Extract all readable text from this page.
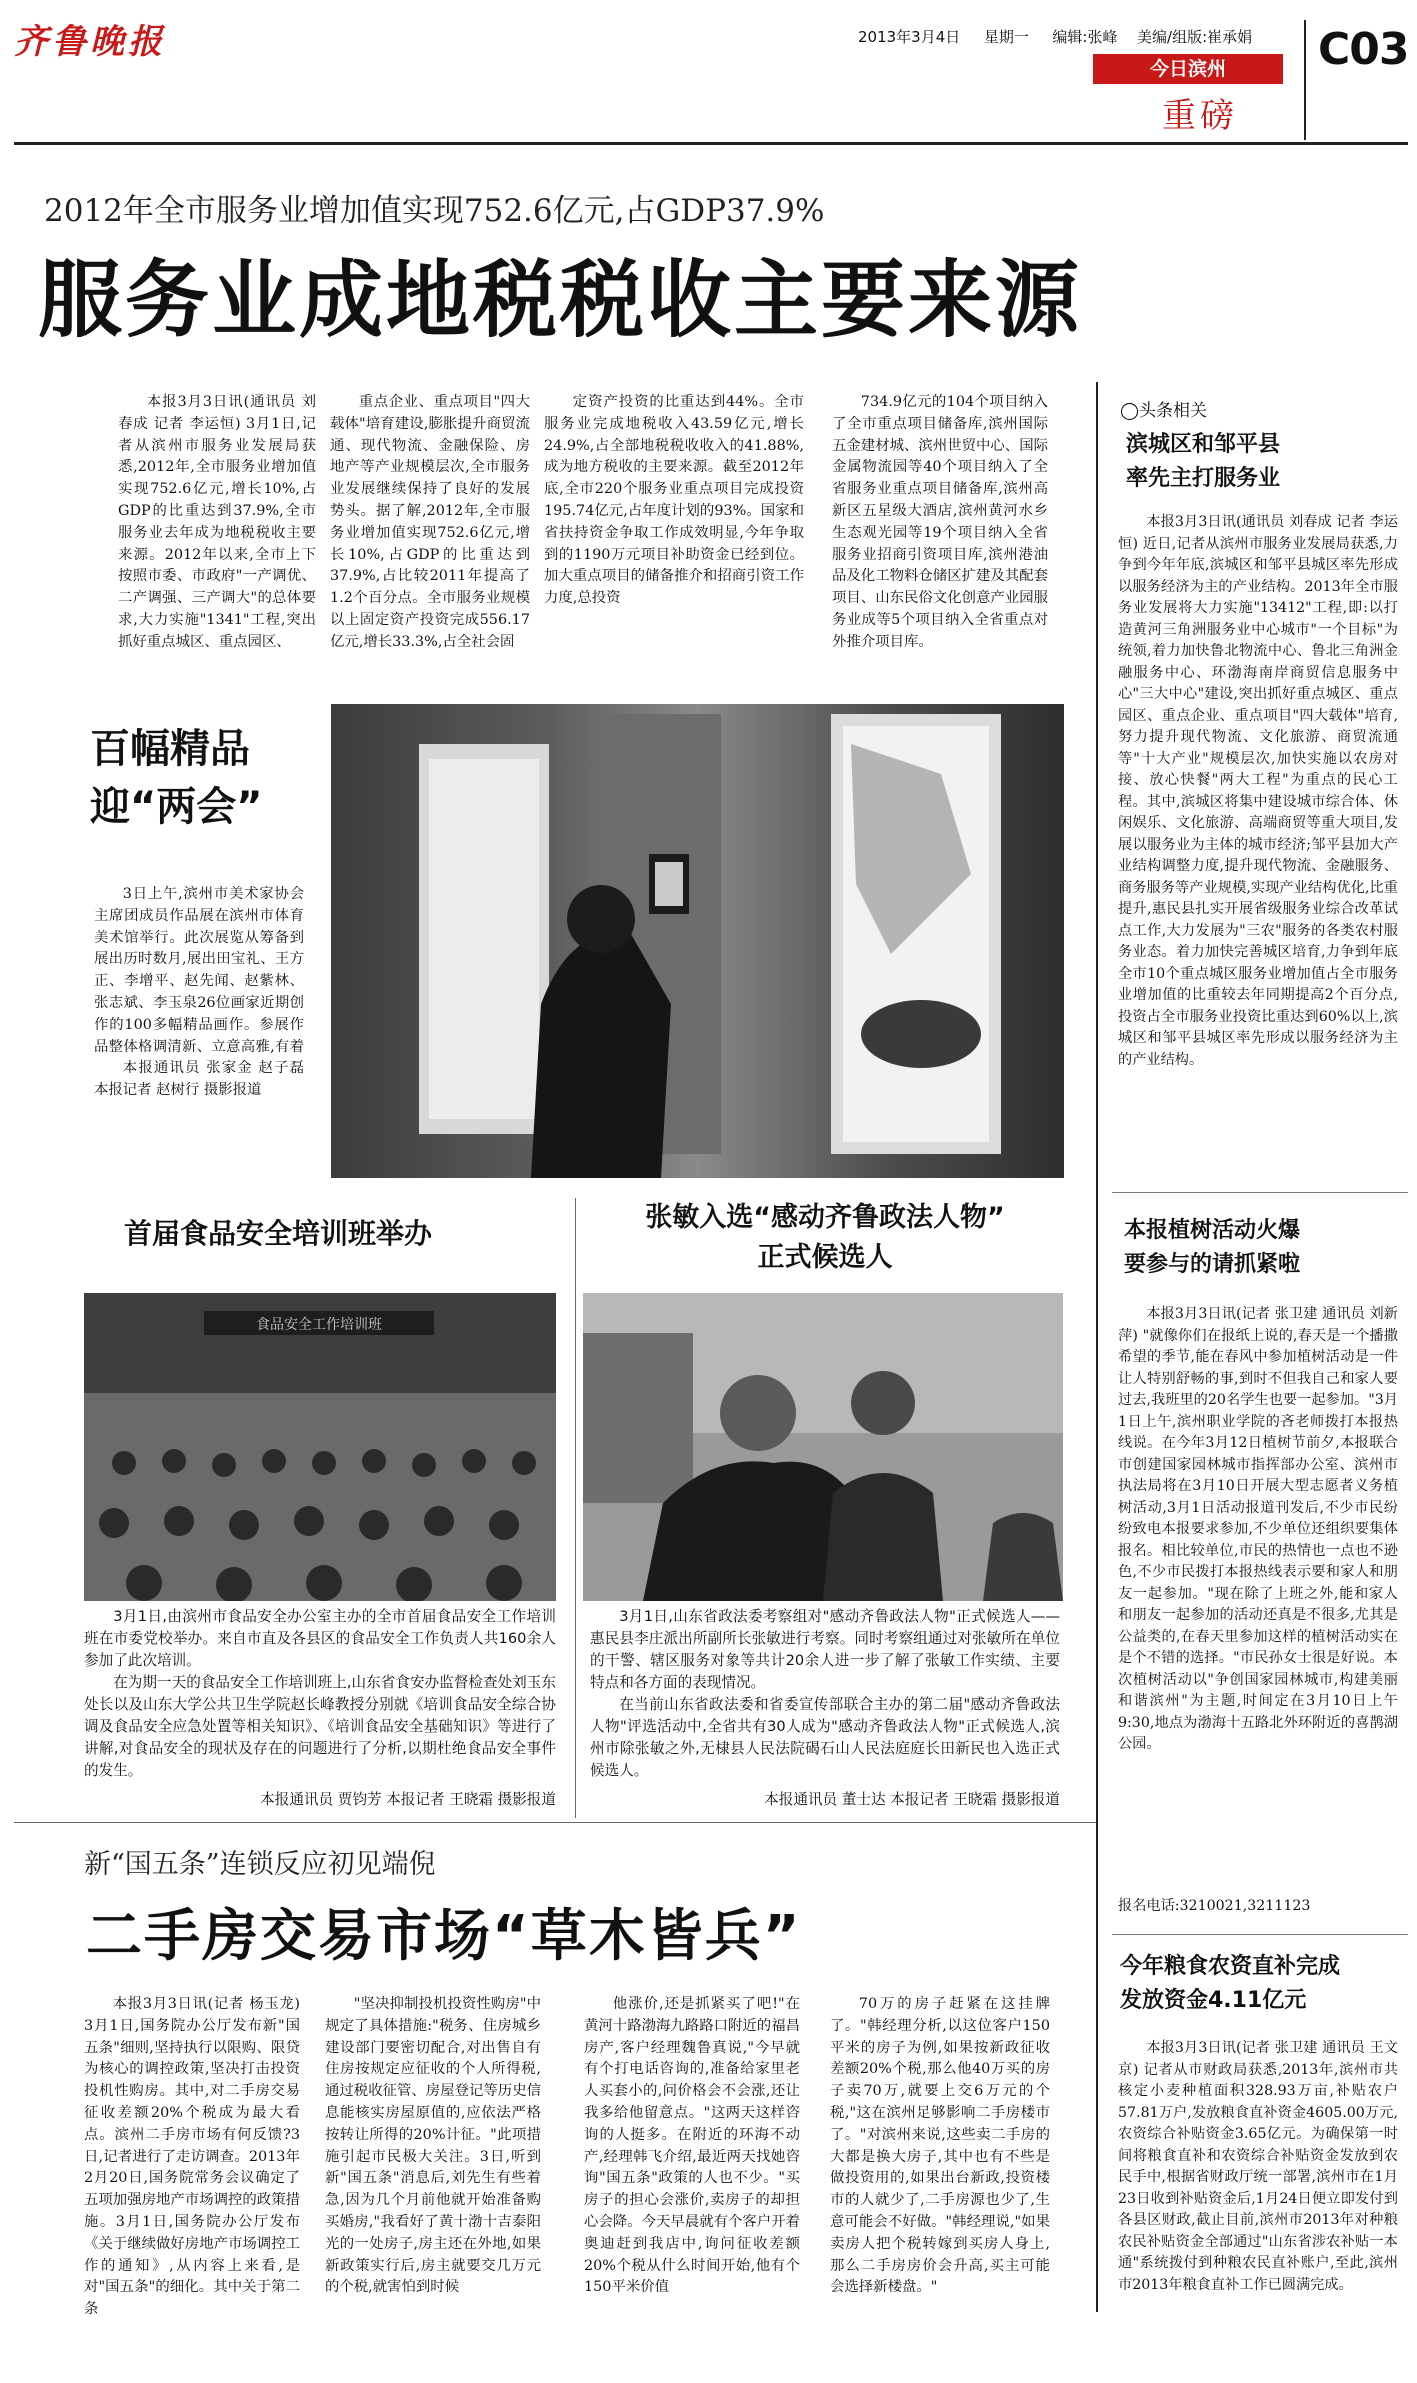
齐鲁晚报	2013年3月4日 星期一 编辑:张峰 美编/组版:崔承娟
今日滨州
重磅
C03
2012年全市服务业增加值实现752.6亿元,占GDP37.9%
服务业成地税税收主要来源

本报3月3日讯(通讯员 刘春成 记者 李运恒) 3月1日,记者从滨州市服务业发展局获悉,2012年,全市服务业增加值实现752.6亿元,增长10%,占GDP的比重达到37.9%,全市服务业去年成为地税税收主要来源。2012年以来,全市上下按照市委、市政府"一产调优、二产调强、三产调大"的总体要求,大力实施"1341"工程,突出抓好重点城区、重点园区、

重点企业、重点项目"四大载体"培育建设,膨胀提升商贸流通、现代物流、金融保险、房地产等产业规模层次,全市服务业发展继续保持了良好的发展势头。据了解,2012年,全市服务业增加值实现752.6亿元,增长10%,占GDP的比重达到37.9%,占比较2011年提高了1.2个百分点。全市服务业规模以上固定资产投资完成556.17亿元,增长33.3%,占全社会固

定资产投资的比重达到44%。全市服务业完成地税收入43.59亿元,增长24.9%,占全部地税税收收入的41.88%,成为地方税收的主要来源。截至2012年底,全市220个服务业重点项目完成投资195.74亿元,占年度计划的93%。国家和省扶持资金争取工作成效明显,今年争取到的1190万元项目补助资金已经到位。加大重点项目的储备推介和招商引资工作力度,总投资

734.9亿元的104个项目纳入了全市重点项目储备库,滨州国际五金建材城、滨州世贸中心、国际金属物流园等40个项目纳入了全省服务业重点项目储备库,滨州高新区五星级大酒店,滨州黄河水乡生态观光园等19个项目纳入全省服务业招商引资项目库,滨州港油品及化工物料仓储区扩建及其配套项目、山东民俗文化创意产业园服务业成等5个项目纳入全省重点对外推介项目库。

◯头条相关
滨城区和邹平县
率先主打服务业

本报3月3日讯(通讯员 刘春成 记者 李运恒) 近日,记者从滨州市服务业发展局获悉,力争到今年年底,滨城区和邹平县城区率先形成以服务经济为主的产业结构。2013年全市服务业发展将大力实施"13412"工程,即:以打造黄河三角洲服务业中心城市"一个目标"为统领,着力加快鲁北物流中心、鲁北三角洲金融服务中心、环渤海南岸商贸信息服务中心"三大中心"建设,突出抓好重点城区、重点园区、重点企业、重点项目"四大载体"培育,努力提升现代物流、文化旅游、商贸流通等"十大产业"规模层次,加快实施以农房对接、放心快餐"两大工程"为重点的民心工程。其中,滨城区将集中建设城市综合体、休闲娱乐、文化旅游、高端商贸等重大项目,发展以服务业为主体的城市经济;邹平县加大产业结构调整力度,提升现代物流、金融服务、商务服务等产业规模,实现产业结构优化,比重提升,惠民县扎实开展省级服务业综合改革试点工作,大力发展为"三农"服务的各类农村服务业态。着力加快完善城区培育,力争到年底全市10个重点城区服务业增加值占全市服务业增加值的比重较去年同期提高2个百分点,投资占全市服务业投资比重达到60%以上,滨城区和邹平县城区率先形成以服务经济为主的产业结构。

本报植树活动火爆
要参与的请抓紧啦

本报3月3日讯(记者 张卫建 通讯员 刘新萍) "就像你们在报纸上说的,春天是一个播撒希望的季节,能在春风中参加植树活动是一件让人特别舒畅的事,到时不但我自己和家人要过去,我班里的20名学生也要一起参加。"3月1日上午,滨州职业学院的吝老师拨打本报热线说。在今年3月12日植树节前夕,本报联合市创建国家园林城市指挥部办公室、滨州市执法局将在3月10日开展大型志愿者义务植树活动,3月1日活动报道刊发后,不少市民纷纷致电本报要求参加,不少单位还组织要集体报名。相比较单位,市民的热情也一点也不逊色,不少市民拨打本报热线表示要和家人和朋友一起参加。"现在除了上班之外,能和家人和朋友一起参加的活动还真是不很多,尤其是公益类的,在春天里参加这样的植树活动实在是个不错的选择。"市民孙女士很是好说。本次植树活动以"争创国家园林城市,构建美丽和谐滨州"为主题,时间定在3月10日上午9:30,地点为渤海十五路北外环附近的喜鹊湖公园。

报名电话:3210021,3211123
今年粮食农资直补完成
发放资金4.11亿元

本报3月3日讯(记者 张卫建 通讯员 王文京) 记者从市财政局获悉,2013年,滨州市共核定小麦种植面积328.93万亩,补贴农户57.81万户,发放粮食直补资金4605.00万元,农资综合补贴资金3.65亿元。为确保第一时间将粮食直补和农资综合补贴资金发放到农民手中,根据省财政厅统一部署,滨州市在1月23日收到补贴资金后,1月24日便立即发付到各县区财政,截止目前,滨州市2013年对种粮农民补贴资金全部通过"山东省涉农补贴一本通"系统拨付到种粮农民直补账户,至此,滨州市2013年粮食直补工作已圆满完成。

百幅精品
迎“两会”

3日上午,滨州市美术家协会主席团成员作品展在滨州市体育美术馆举行。此次展览从筹备到展出历时数月,展出田宝礼、王方正、李增平、赵先闻、赵紫林、张志斌、李玉泉26位画家近期创作的100多幅精品画作。参展作品整体格调清新、立意高雅,有着

本报通讯员 张家金 赵子磊 本报记者 赵树行 摄影报道

首届食品安全培训班举办
食品安全工作培训班

3月1日,由滨州市食品安全办公室主办的全市首届食品安全工作培训班在市委党校举办。来自市直及各县区的食品安全工作负责人共160余人参加了此次培训。

在为期一天的食品安全工作培训班上,山东省食安办监督检查处刘玉东处长以及山东大学公共卫生学院赵长峰教授分别就《培训食品安全综合协调及食品安全应急处置等相关知识》、《培训食品安全基础知识》等进行了讲解,对食品安全的现状及存在的问题进行了分析,以期杜绝食品安全事件的发生。

本报通讯员 贾钧芳 本报记者 王晓霜 摄影报道
张敏入选“感动齐鲁政法人物”
正式候选人

3月1日,山东省政法委考察组对"感动齐鲁政法人物"正式候选人——惠民县李庄派出所副所长张敏进行考察。同时考察组通过对张敏所在单位的干警、辖区服务对象等共计20余人进一步了解了张敏工作实绩、主要特点和各方面的表现情况。

在当前山东省政法委和省委宣传部联合主办的第二届"感动齐鲁政法人物"评选活动中,全省共有30人成为"感动齐鲁政法人物"正式候选人,滨州市除张敏之外,无棣县人民法院碣石山人民法庭庭长田新民也入选正式候选人。

本报通讯员 董士达 本报记者 王晓霜 摄影报道
新“国五条”连锁反应初见端倪
二手房交易市场“草木皆兵”

本报3月3日讯(记者 杨玉龙) 3月1日,国务院办公厅发布新"国五条"细则,坚持执行以限购、限贷为核心的调控政策,坚决打击投资投机性购房。其中,对二手房交易征收差额20%个税成为最大看点。滨州二手房市场有何反馈?3日,记者进行了走访调查。2013年2月20日,国务院常务会议确定了五项加强房地产市场调控的政策措施。3月1日,国务院办公厅发布《关于继续做好房地产市场调控工作的通知》,从内容上来看,是对"国五条"的细化。其中关于第二条

"坚决抑制投机投资性购房"中规定了具体措施:"税务、住房城乡建设部门要密切配合,对出售自有住房按规定应征收的个人所得税,通过税收征管、房屋登记等历史信息能核实房屋原值的,应依法严格按转让所得的20%计征。"此项措施引起市民极大关注。3日,听到新"国五条"消息后,刘先生有些着急,因为几个月前他就开始准备购买婚房,"我看好了黄十渤十吉泰阳光的一处房子,房主还在外地,如果新政策实行后,房主就要交几万元的个税,就害怕到时候

他涨价,还是抓紧买了吧!"在黄河十路渤海九路路口附近的福昌房产,客户经理魏鲁真说,"今早就有个打电话咨询的,准备给家里老人买套小的,问价格会不会涨,还让我多给他留意点。"这两天这样咨询的人挺多。在附近的环海不动产,经理韩飞介绍,最近两天找她咨询"国五条"政策的人也不少。"买房子的担心会涨价,卖房子的却担心会降。今天早晨就有个客户开着奥迪赶到我店中,询问征收差额20%个税从什么时间开始,他有个150平米价值

70万的房子赶紧在这挂牌了。"韩经理分析,以这位客户150平米的房子为例,如果按新政征收差额20%个税,那么他40万买的房子卖70万,就要上交6万元的个税,"这在滨州足够影响二手房楼市了。"对滨州来说,这些卖二手房的大都是换大房子,其中也有不些是做投资用的,如果出台新政,投资楼市的人就少了,二手房源也少了,生意可能会不好做。"韩经理说,"如果卖房人把个税转嫁到买房人身上,那么二手房房价会升高,买主可能会选择新楼盘。"
